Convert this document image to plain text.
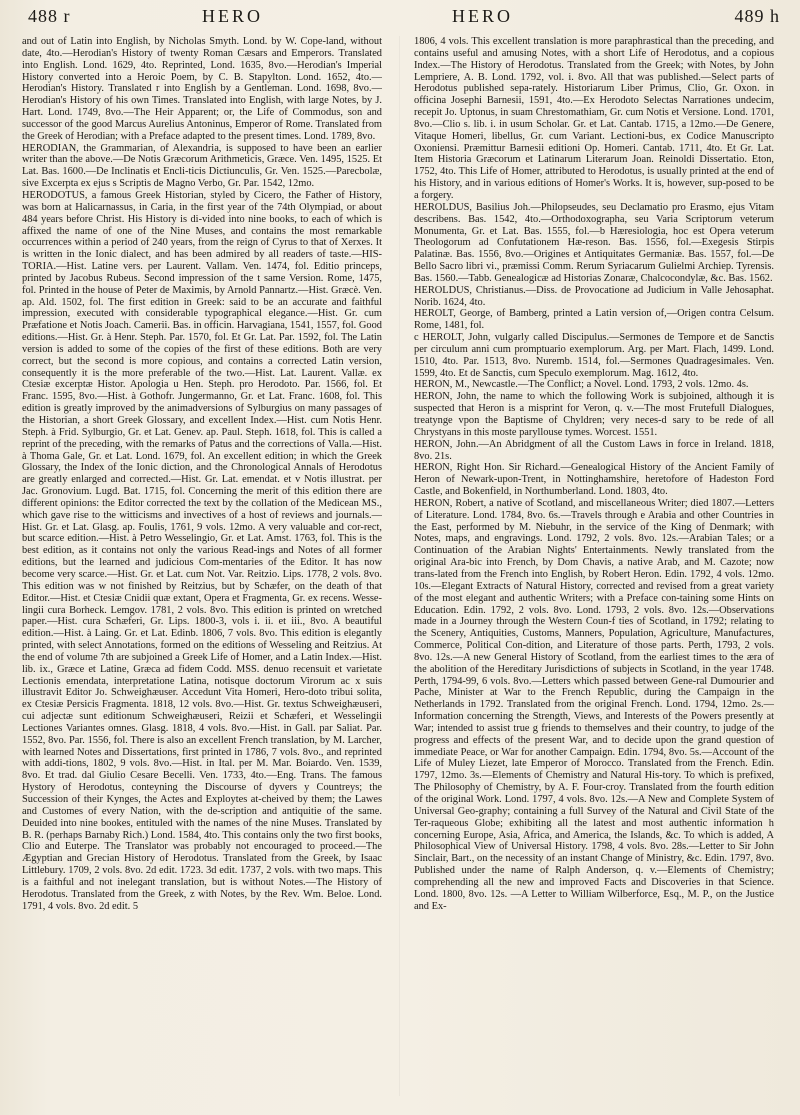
488 r	HERO	HERO	489 h

and out of Latin into English, by Nicholas Smyth. Lond. by W. Cope-land, without date, 4to.—Herodian's History of twenty Roman Cæsars and Emperors. Translated into English. Lond. 1629, 4to. Reprinted, Lond. 1635, 8vo.—Herodian's Imperial History converted into a Heroic Poem, by C. B. Stapylton. Lond. 1652, 4to.—Herodian's History. Translated r into English by a Gentleman. Lond. 1698, 8vo.—Herodian's History of his own Times. Translated into English, with large Notes, by J. Hart. Lond. 1749, 8vo.—The Heir Apparent; or, the Life of Commodus, son and successor of the good Marcus Aurelius Antoninus, Emperor of Rome. Translated from the Greek of Herodian; with a Preface adapted to the present times. Lond. 1789, 8vo.

HERODIAN, the Grammarian, of Alexandria, is supposed to have been an earlier writer than the above.—De Notis Græcorum Arithmeticis, Græce. Ven. 1495, 1525. Et Lat. Bas. 1600.—De Inclinatis et Encli-ticis Dictiunculis, Gr. Ven. 1525.—Parecbolæ, sive Excerpta ex ejus s Scriptis de Magno Verbo, Gr. Par. 1542, 12mo.

HERODOTUS, a famous Greek Historian, styled by Cicero, the Father of History, was born at Halicarnassus, in Caria, in the first year of the 74th Olympiad, or about 484 years before Christ. His History is di-vided into nine books, to each of which is affixed the name of one of the Nine Muses, and contains the most remarkable occurrences within a period of 240 years, from the reign of Cyrus to that of Xerxes. It is written in the Ionic dialect, and has been admired by all readers of taste.—HIS-TORIA.—Hist. Latine vers. per Laurent. Vallam. Ven. 1474, fol. Editio princeps, printed by Jacobus Rubeus. Second impression of the t same Version. Rome, 1475, fol. Printed in the house of Peter de Maximis, by Arnold Pannartz.—Hist. Græcè. Ven. ap. Ald. 1502, fol. The first edition in Greek: said to be an accurate and faithful impression, executed with considerable typographical elegance.—Hist. Gr. cum Præfatione et Notis Joach. Camerii. Bas. in officin. Harvagiana, 1541, 1557, fol. Good editions.—Hist. Gr. à Henr. Steph. Par. 1570, fol. Et Gr. Lat. Par. 1592, fol. The Latin version is added to some of the copies of the first of these editions. Both are very correct, but the second is more copious, and contains a corrected Latin version, consequently it is the more preferable of the two.—Hist. Lat. Laurent. Vallæ. ex Ctesiæ excerptæ Histor. Apologia u Hen. Steph. pro Herodoto. Par. 1566, fol. Et Franc. 1595, 8vo.—Hist. à Gothofr. Jungermanno, Gr. et Lat. Franc. 1608, fol. This edition is greatly improved by the animadversions of Sylburgius on many passages of the Historian, a short Greek Glossary, and excellent Index.—Hist. cum Notis Henr. Steph. à Frid. Sylburgio, Gr. et Lat. Genev. ap. Paul. Steph. 1618, fol. This is called a reprint of the preceding, with the remarks of Patus and the corrections of Valla.—Hist. à Thoma Gale, Gr. et Lat. Lond. 1679, fol. An excellent edition; in which the Greek Glossary, the Index of the Ionic diction, and the Chronological Annals of Herodotus are greatly enlarged and corrected.—Hist. Gr. Lat. emendat. et v Notis illustrat. per Jac. Gronovium. Lugd. Bat. 1715, fol. Concerning the merit of this edition there are different opinions: the Editor corrected the text by the collation of the Medicean MS., which gave rise to the witticisms and invectives of a host of reviews and journals.—Hist. Gr. et Lat. Glasg. ap. Foulis, 1761, 9 vols. 12mo. A very valuable and cor-rect, but scarce edition.—Hist. à Petro Wesselingio, Gr. et Lat. Amst. 1763, fol. This is the best edition, as it contains not only the various Read-ings and Notes of all former editions, but the learned and judicious Com-mentaries of the Editor. It has now become very scarce.—Hist. Gr. et Lat. cum Not. Var. Reitzio. Lips. 1778, 2 vols. 8vo. This edition was w not finished by Reitzius, but by Schæfer, on the death of that Editor.—Hist. et Ctesiæ Cnidii quæ extant, Opera et Fragmenta, Gr. ex recens. Wesse-lingii cura Borheck. Lemgov. 1781, 2 vols. 8vo. This edition is printed on wretched paper.—Hist. cura Schæferi, Gr. Lips. 1800-3, vols i. ii. et iii., 8vo. A beautiful edition.—Hist. à Laing. Gr. et Lat. Edinb. 1806, 7 vols. 8vo. This edition is elegantly printed, with select Annotations, formed on the editions of Wesseling and Reitzius. At the end of volume 7th are subjoined a Greek Life of Homer, and a Latin Index.—Hist. lib. ix., Græce et Latine, Græca ad fidem Codd. MSS. denuo recensuit et varietate Lectionis emendata, interpretatione Latina, notisque doctorum Virorum ac x suis illustravit Editor Jo. Schweighæuser. Accedunt Vita Homeri, Hero-doto tribui solita, ex Ctesiæ Persicis Fragmenta. 1818, 12 vols. 8vo.—Hist. Gr. textus Schweighæuseri, cui adjectæ sunt editionum Schweighæuseri, Reizii et Schæferi, et Wesselingii Lectiones Variantes omnes. Glasg. 1818, 4 vols. 8vo.—Hist. in Gall. par Saliat. Par. 1552, 8vo. Par. 1556, fol. There is also an excellent French translation, by M. Larcher, with learned Notes and Dissertations, first printed in 1786, 7 vols. 8vo., and reprinted with addi-tions, 1802, 9 vols. 8vo.—Hist. in Ital. per M. Mar. Boiardo. Ven. 1539, 8vo. Et trad. dal Giulio Cesare Becelli. Ven. 1733, 4to.—Eng. Trans. The famous Hystory of Herodotus, conteyning the Discourse of dyvers y Countreys; the Succession of their Kynges, the Actes and Exploytes at-cheived by them; the Lawes and Customes of every Nation, with the de-scription and antiquitie of the same. Deuided into nine bookes, entituled with the names of the nine Muses. Translated by B. R. (perhaps Barnaby Rich.) Lond. 1584, 4to. This contains only the two first books, Clio and Euterpe. The Translator was probably not encouraged to proceed.—The Ægyptian and Grecian History of Herodotus. Translated from the Greek, by Isaac Littlebury. 1709, 2 vols. 8vo. 2d edit. 1723. 3d edit. 1737, 2 vols. with two maps. This is a faithful and not inelegant translation, but is without Notes.—The History of Herodotus. Translated from the Greek, z with Notes, by the Rev. Wm. Beloe. Lond. 1791, 4 vols. 8vo. 2d edit. 5

1806, 4 vols. This excellent translation is more paraphrastical than the preceding, and contains useful and amusing Notes, with a short Life of Herodotus, and a copious Index.—The History of Herodotus. Translated from the Greek; with Notes, by John Lempriere, A. B. Lond. 1792, vol. i. 8vo. All that was published.—Select parts of Herodotus published sepa-rately. Historiarum Liber Primus, Clio, Gr. Oxon. in officina Josephi Barnesii, 1591, 4to.—Ex Herodoto Selectas Narrationes undecim, recepit Jo. Uptonus, in suam Chrestomathiam, Gr. cum Notis et Versione. Lond. 1701, 8vo.—Clio s. lib. i. in usum Scholar. Gr. et Lat. Cantab. 1715, a 12mo.—De Genere, Vitaque Homeri, libellus, Gr. cum Variant. Lectioni-bus, ex Codice Manuscripto Oxoniensi. Præmittur Barnesii editioni Op. Homeri. Cantab. 1711, 4to. Et Gr. Lat. Item Historia Græcorum et Latinarum Literarum Joan. Reinoldi Dissertatio. Eton, 1752, 4to. This Life of Homer, attributed to Herodotus, is usually printed at the end of his History, and in various editions of Homer's Works. It is, however, sup-posed to be a forgery.

HEROLDUS, Basilius Joh.—Philopseudes, seu Declamatio pro Erasmo, ejus Vitam describens. Bas. 1542, 4to.—Orthodoxographa, seu Varia Scriptorum veterum Monumenta, Gr. et Lat. Bas. 1555, fol.—b Hæresiologia, hoc est Opera veterum Theologorum ad Confutationem Hæ-reson. Bas. 1556, fol.—Exegesis Stirpis Palatinæ. Bas. 1556, 8vo.—Origines et Antiquitates Germaniæ. Bas. 1557, fol.—De Bello Sacro libri vi., præmissi Comm. Rerum Syriacarum Gulielmi Archiep. Tyrensis. Bas. 1560.—Tabb. Genealogicæ ad Historias Zonaræ, Chalcocondylæ, &c. Bas. 1562.

HEROLDUS, Christianus.—Diss. de Provocatione ad Judicium in Valle Jehosaphat. Norib. 1624, 4to.

HEROLT, George, of Bamberg, printed a Latin version of,—Origen contra Celsum. Rome, 1481, fol.

c HEROLT, John, vulgarly called Discipulus.—Sermones de Tempore et de Sanctis per circulum anni cum promptuario exemplorum. Arg. per Mart. Flach, 1499. Lond. 1510, 4to. Par. 1513, 8vo. Nuremb. 1514, fol.—Sermones Quadragesimales. Ven. 1599, 4to. Et de Sanctis, cum Speculo exemplorum. Mag. 1612, 4to.

HERON, M., Newcastle.—The Conflict; a Novel. Lond. 1793, 2 vols. 12mo. 4s.

HERON, John, the name to which the following Work is subjoined, although it is suspected that Heron is a misprint for Veron, q. v.—The most Frutefull Dialogues, treatynge vpon the Baptisme of Chyldren; very neces-d sary to be rede of all Chrystyans in this moste paryllouse tymes. Worcest. 1551.

HERON, John.—An Abridgment of all the Custom Laws in force in Ireland. 1818, 8vo. 21s.

HERON, Right Hon. Sir Richard.—Genealogical History of the Ancient Family of Heron of Newark-upon-Trent, in Nottinghamshire, heretofore of Hadeston Ford Castle, and Bokenfield, in Northumberland. Lond. 1803, 4to.

HERON, Robert, a native of Scotland, and miscellaneous Writer; died 1807.—Letters of Literature. Lond. 1784, 8vo. 6s.—Travels through e Arabia and other Countries in the East, performed by M. Niebuhr, in the service of the King of Denmark; with Notes, maps, and engravings. Lond. 1792, 2 vols. 8vo. 12s.—Arabian Tales; or a Continuation of the Arabian Nights' Entertainments. Newly translated from the original Ara-bic into French, by Dom Chavis, a native Arab, and M. Cazote; now trans-lated from the French into English, by Robert Heron. Edin. 1792, 4 vols. 12mo. 10s.—Elegant Extracts of Natural History, corrected and revised from a great variety of the most elegant and authentic Writers; with a Preface con-taining some Hints on Education. Edin. 1792, 2 vols. 8vo. Lond. 1793, 2 vols. 8vo. 12s.—Observations made in a Journey through the Western Coun-f ties of Scotland, in 1792; relating to the Scenery, Antiquities, Customs, Manners, Population, Agriculture, Manufactures, Commerce, Political Con-dition, and Literature of those parts. Perth, 1793, 2 vols. 8vo. 12s.—A new General History of Scotland, from the earliest times to the æra of the abolition of the Hereditary Jurisdictions of subjects in Scotland, in the year 1748. Perth, 1794-99, 6 vols. 8vo.—Letters which passed between Gene-ral Dumourier and Pache, Minister at War to the French Republic, during the Campaign in the Netherlands in 1792. Translated from the original French. Lond. 1794, 12mo. 2s.—Information concerning the Strength, Views, and Interests of the Powers presently at War; intended to assist true g friends to themselves and their country, to judge of the progress and effects of the present War, and to decide upon the grand question of immediate Peace, or War for another Campaign. Edin. 1794, 8vo. 5s.—Account of the Life of Muley Liezet, late Emperor of Morocco. Translated from the French. Edin. 1797, 12mo. 3s.—Elements of Chemistry and Natural His-tory. To which is prefixed, The Philosophy of Chemistry, by A. F. Four-croy. Translated from the fourth edition of the original Work. Lond. 1797, 4 vols. 8vo. 12s.—A New and Complete System of Universal Geo-graphy; containing a full Survey of the Natural and Civil State of the Ter-raqueous Globe; exhibiting all the latest and most authentic information h concerning Europe, Asia, Africa, and America, the Islands, &c. To which is added, A Philosophical View of Universal History. 1798, 4 vols. 8vo. 28s.—Letter to Sir John Sinclair, Bart., on the necessity of an instant Change of Ministry, &c. Edin. 1797, 8vo. Published under the name of Ralph Anderson, q. v.—Elements of Chemistry; comprehending all the new and improved Facts and Discoveries in that Science. Lond. 1800, 8vo. 12s. —A Letter to William Wilberforce, Esq., M. P., on the Justice and Ex-
